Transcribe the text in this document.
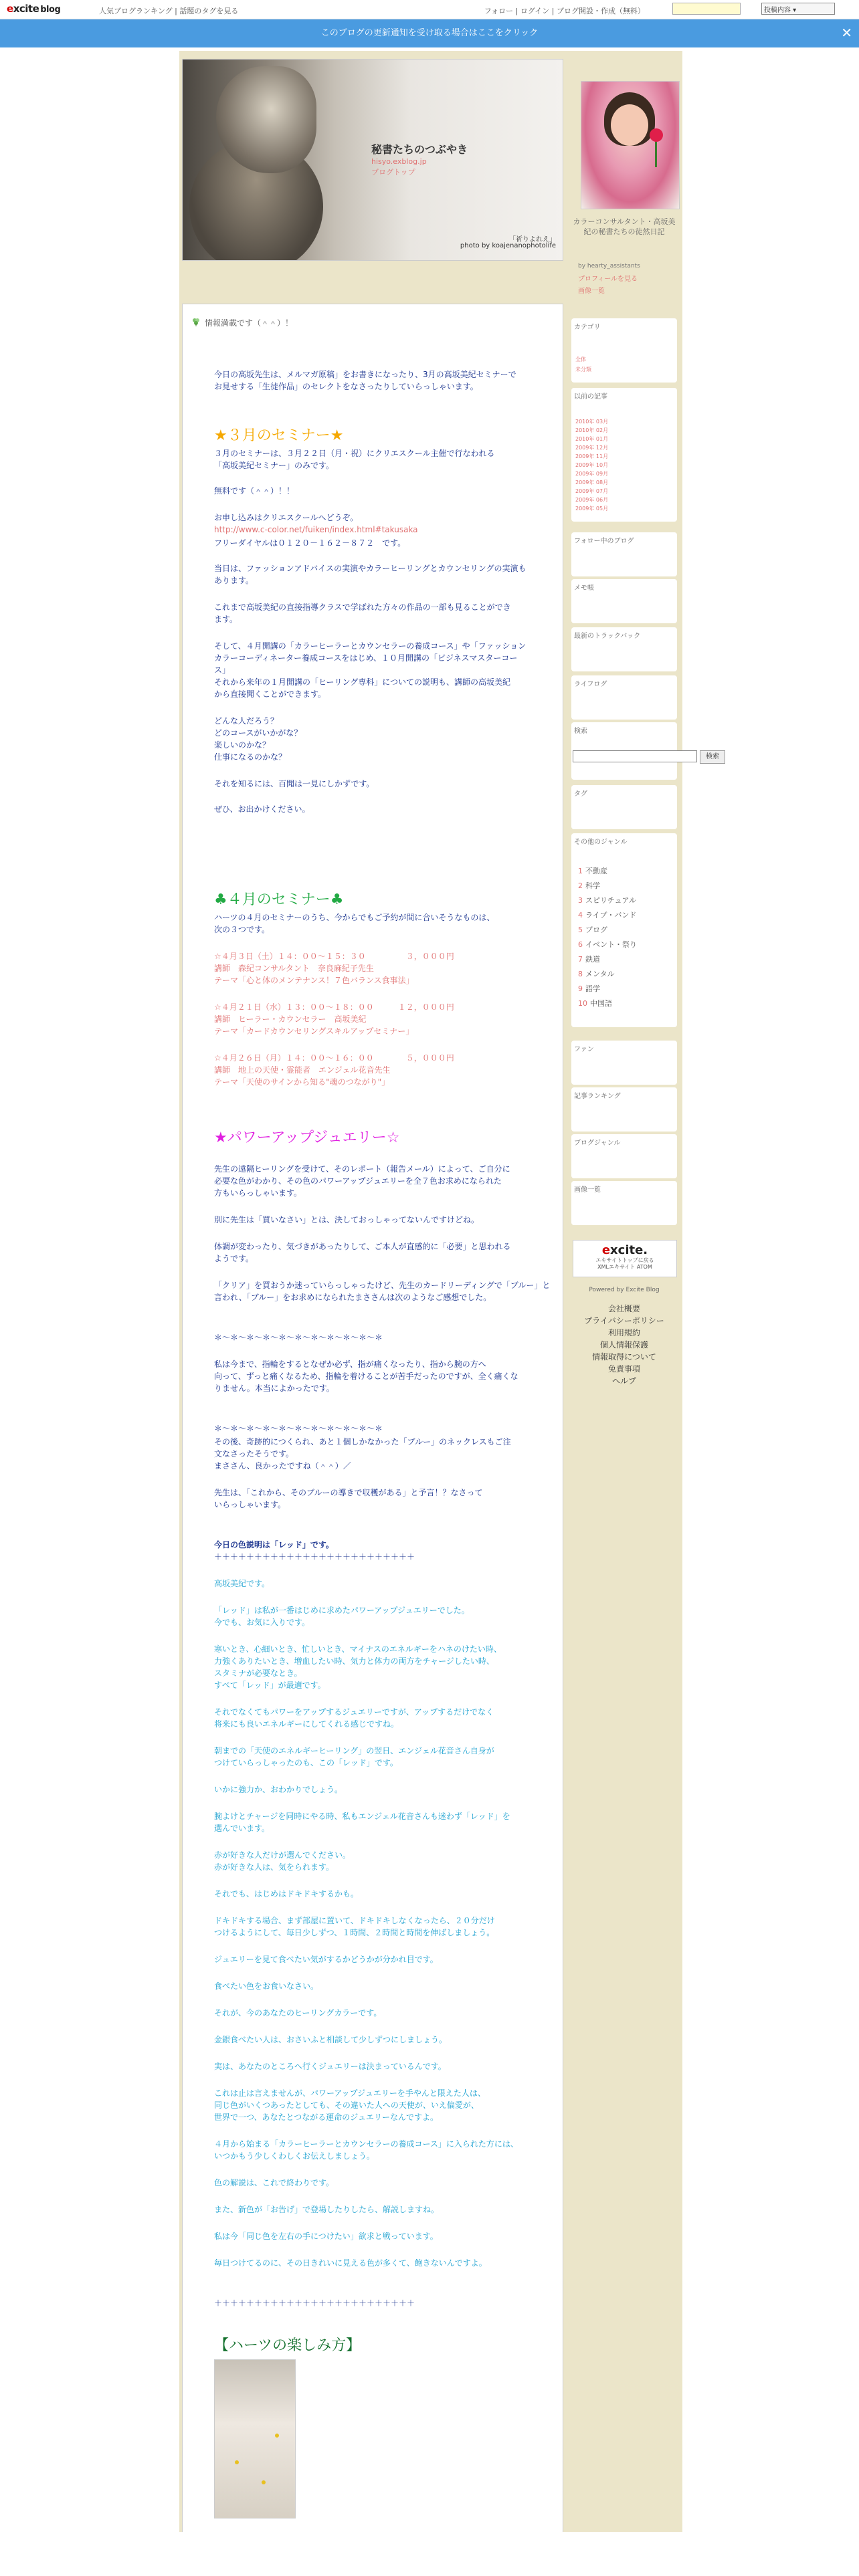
excite blog	人気ブログランキング | 話題のタグを見る	フォロー | ログイン | ブログ開設・作成（無料）	投稿内容 ▾
このブログの更新通知を受け取る場合はここをクリック	✕
秘書たちのつぶやき
hisyo.exblog.jp
ブログトップ
「祈りよれえ」
photo by koajenanophotolife
カラーコンサルタント・高坂美紀の秘書たちの徒然日記
by hearty_assistants
プロフィールを見る
画像一覧
カテゴリ
全体
未分類
以前の記事
2010年 03月
2010年 02月
2010年 01月
2009年 12月
2009年 11月
2009年 10月
2009年 09月
2009年 08月
2009年 07月
2009年 06月
2009年 05月
フォロー中のブログ
メモ帳
最新のトラックバック
ライフログ
検索
検索
タグ
その他のジャンル
1 不動産
2 科学
3 スピリチュアル
4 ライブ・バンド
5 ブログ
6 イベント・祭り
7 鉄道
8 メンタル
9 語学
10 中国語
ファン
記事ランキング
ブログジャンル
画像一覧
excite.
エキサイトトップに戻る
XMLエキサイト ATOM
Powered by Excite Blog
会社概要
プライバシーポリシー
利用規約
個人情報保護
情報取得について
免責事項
ヘルプ
情報満載です（＾＾）！
今日の高坂先生は、メルマガ原稿」をお書きになったり、3月の高坂美紀セミナーで
お見せする「生徒作品」のセレクトをなさったりしていらっしゃいます。
★３月のセミナー★
３月のセミナーは、３月２２日（月・祝）にクリエスクール主催で行なわれる
「高坂美紀セミナー」のみです。
無料です（＾＾）！！
お申し込みはクリエスクールへどうぞ。
http://www.c-color.net/fuiken/index.html#takusaka
フリーダイヤルは０１２０－１６２－８７２　です。
当日は、ファッションアドバイスの実演やカラーヒーリングとカウンセリングの実演も
あります。
これまで高坂美紀の直接指導クラスで学ばれた方々の作品の一部も見ることができ
ます。
そして、４月開講の「カラーヒーラーとカウンセラーの養成コース」や「ファッション
カラーコーディネーター養成コースをはじめ、１０月開講の「ビジネスマスターコー
ス」
それから来年の１月開講の「ヒーリング専科」についての説明も、講師の高坂美紀
から直接聞くことができます。
どんな人だろう？
どのコースがいかがな？
楽しいのかな？
仕事になるのかな？
それを知るには、百聞は一見にしかずです。
ぜひ、お出かけください。
♣４月のセミナー♣
ハーツの４月のセミナーのうち、今からでもご予約が間に合いそうなものは、
次の３つです。
☆４月３日（土）１４：００～１５：３０　　　　　３，０００円
講師　森紀コンサルタント　奈良麻紀子先生
テーマ「心と体のメンテナンス！７色バランス食事法」
☆４月２１日（水）１３：００～１８：００　　　１２，０００円
講師　ヒーラー・カウンセラー　高坂美紀
テーマ「カードカウンセリングスキルアップセミナー」
☆４月２６日（月）１４：００～１６：００　　　　５，０００円
講師　地上の天使・霊能者　エンジェル花音先生
テーマ「天使のサインから知る"魂のつながり"」
★パワーアップジュエリー☆
先生の遠隔ヒーリングを受けて、そのレポート（報告メール）によって、ご自分に
必要な色がわかり、その色のパワーアップジュエリーを全７色お求めになられた
方もいらっしゃいます。
別に先生は「買いなさい」とは、決しておっしゃってないんですけどね。
体調が変わったり、気づきがあったりして、ご本人が直感的に「必要」と思われる
ようです。
「クリア」を買おうか迷っていらっしゃったけど、先生のカードリーディングで「ブルー」と
言われ、「ブルー」をお求めになられたまささんは次のようなご感想でした。
＊～＊～＊～＊～＊～＊～＊～＊～＊～＊～＊
私は今まで、指輪をするとなぜか必ず、指が痛くなったり、指から腕の方へ
向って、ずっと痛くなるため、指輪を着けることが苦手だったのですが、全く痛くな
りません。本当によかったです。
＊～＊～＊～＊～＊～＊～＊～＊～＊～＊～＊
その後、奇跡的につくられ、あと１個しかなかった「ブルー」のネックレスもご注
文なさったそうです。
まささん、良かったですね（＾＾）／
先生は、「これから、そのブルーの導きで収穫がある」と予言！？なさって
いらっしゃいます。
今日の色説明は「レッド」です。
＋＋＋＋＋＋＋＋＋＋＋＋＋＋＋＋＋＋＋＋＋＋＋＋＋
高坂美紀です。
「レッド」は私が一番はじめに求めたパワーアップジュエリーでした。
今でも、お気に入りです。
寒いとき、心細いとき、忙しいとき、マイナスのエネルギーをハネのけたい時、
力強くありたいとき、増血したい時、気力と体力の両方をチャージしたい時、
スタミナが必要なとき。
すべて「レッド」が最適です。
それでなくてもパワーをアップするジュエリーですが、アップするだけでなく
将来にも良いエネルギーにしてくれる感じですね。
朝までの「天使のエネルギーヒーリング」の翌日、エンジェル花音さん自身が
つけていらっしゃったのも、この「レッド」です。
いかに強力か、おわかりでしょう。
腕よけとチャージを同時にやる時、私もエンジェル花音さんも迷わず「レッド」を
選んでいます。
赤が好きな人だけが選んでください。
赤が好きな人は、気をられます。
それでも、はじめはドキドキするかも。
ドキドキする場合、まず部屋に置いて、ドキドキしなくなったら、２０分だけ
つけるようにして、毎日少しずつ、１時間、２時間と時間を伸ばしましょう。
ジュエリーを見て食べたい気がするかどうかが分かれ目です。
食べたい色をお食いなさい。
それが、今のあなたのヒーリングカラーです。
金銀食べたい人は、おさいふと相談して少しずつにしましょう。
実は、あなたのところへ行くジュエリーは決まっているんです。
これは止は言えませんが、パワーアップジュエリーを手やんと限えた人は、
同じ色がいくつあったとしても、その違いた人への天使が、いえ偏愛が、
世界で一つ、あなたとつながる運命のジュエリーなんですよ。
４月から始まる「カラーヒーラーとカウンセラーの養成コース」に入られた方には、
いつかもう少しくわしくお伝えしましょう。
色の解説は、これで終わりです。
また、新色が「お告げ」で登場したりしたら、解説しますね。
私は今「同じ色を左右の手につけたい」欲求と戦っています。
毎日つけてるのに、その日きれいに見える色が多くて、飽きないんですよ。
＋＋＋＋＋＋＋＋＋＋＋＋＋＋＋＋＋＋＋＋＋＋＋＋＋
【ハーツの楽しみ方】
